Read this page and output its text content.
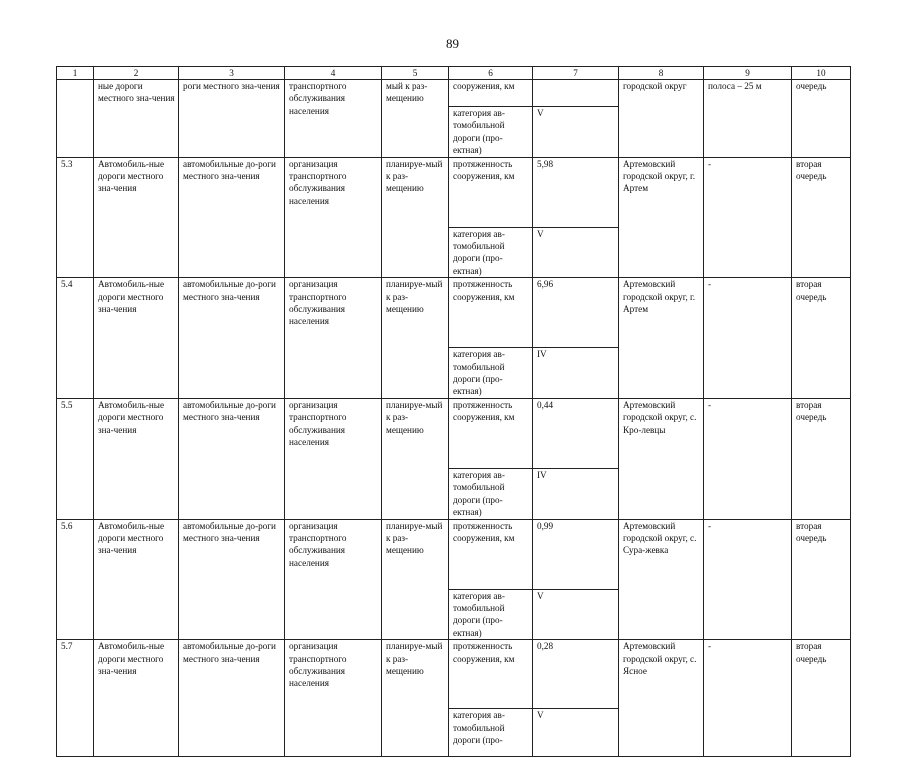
89
1	2	3	4	5	6	7	8	9	10
	ные дороги местного зна-чения	роги местного зна-чения	транспортного обслуживания населения	мый к раз-мещению	сооружения, км		городской округ	полоса – 25 м	очередь
					категория ав-томобильной дороги (про-ектная)	V			
5.3	Автомобиль-ные дороги местного зна-чения	автомобильные до-роги местного зна-чения	организация транспортного обслуживания населения	планируе-мый к раз-мещению	протяженность сооружения, км	5,98	Артемовский городской округ, г. Артем	-	вторая очередь
					категория ав-томобильной дороги (про-ектная)	V			
5.4	Автомобиль-ные дороги местного зна-чения	автомобильные до-роги местного зна-чения	организация транспортного обслуживания населения	планируе-мый к раз-мещению	протяженность сооружения, км	6,96	Артемовский городской округ, г. Артем	-	вторая очередь
					категория ав-томобильной дороги (про-ектная)	IV			
5.5	Автомобиль-ные дороги местного зна-чения	автомобильные до-роги местного зна-чения	организация транспортного обслуживания населения	планируе-мый к раз-мещению	протяженность сооружения, км	0,44	Артемовский городской округ, с. Кро-левцы	-	вторая очередь
					категория ав-томобильной дороги (про-ектная)	IV			
5.6	Автомобиль-ные дороги местного зна-чения	автомобильные до-роги местного зна-чения	организация транспортного обслуживания населения	планируе-мый к раз-мещению	протяженность сооружения, км	0,99	Артемовский городской округ, с. Сура-жевка	-	вторая очередь
					категория ав-томобильной дороги (про-ектная)	V			
5.7	Автомобиль-ные дороги местного зна-чения	автомобильные до-роги местного зна-чения	организация транспортного обслуживания населения	планируе-мый к раз-мещению	протяженность сооружения, км	0,28	Артемовский городской округ, с. Ясное	-	вторая очередь
					категория ав-томобильной дороги (про-	V			
